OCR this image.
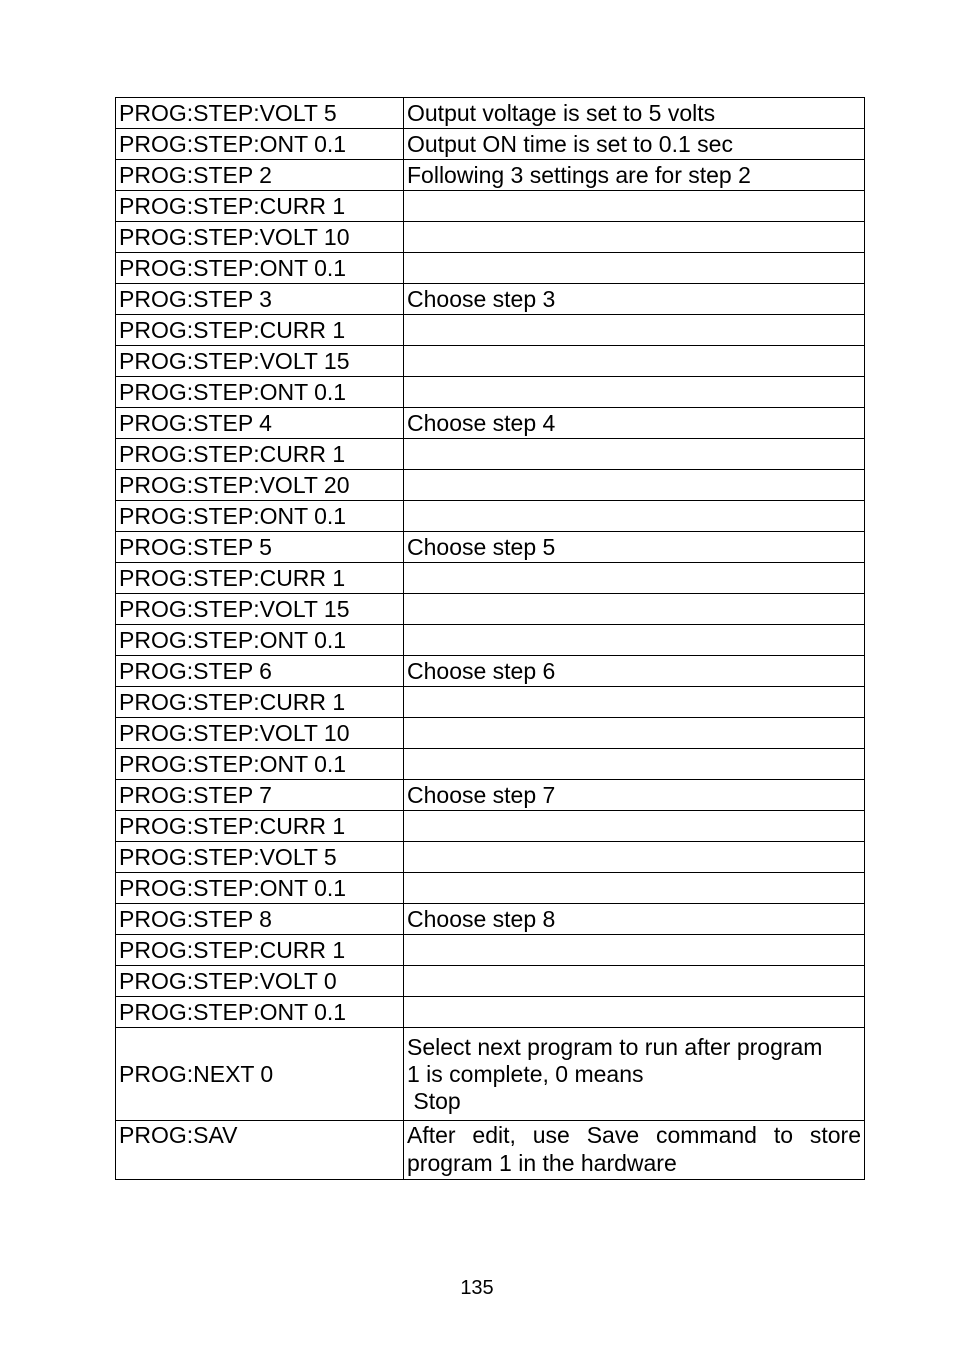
PROG:STEP:VOLT 5	Output voltage is set to 5 volts
PROG:STEP:ONT 0.1	Output ON time is set to 0.1 sec
PROG:STEP 2	Following 3 settings are for step 2
PROG:STEP:CURR 1	
PROG:STEP:VOLT 10	
PROG:STEP:ONT 0.1	
PROG:STEP 3	Choose step 3
PROG:STEP:CURR 1	
PROG:STEP:VOLT 15	
PROG:STEP:ONT 0.1	
PROG:STEP 4	Choose step 4
PROG:STEP:CURR 1	
PROG:STEP:VOLT 20	
PROG:STEP:ONT 0.1	
PROG:STEP 5	Choose step 5
PROG:STEP:CURR 1	
PROG:STEP:VOLT 15	
PROG:STEP:ONT 0.1	
PROG:STEP 6	Choose step 6
PROG:STEP:CURR 1	
PROG:STEP:VOLT 10	
PROG:STEP:ONT 0.1	
PROG:STEP 7	Choose step 7
PROG:STEP:CURR 1	
PROG:STEP:VOLT 5	
PROG:STEP:ONT 0.1	
PROG:STEP 8	Choose step 8
PROG:STEP:CURR 1	
PROG:STEP:VOLT 0	
PROG:STEP:ONT 0.1	
PROG:NEXT 0	Select next program to run after program
1 is complete, 0 means
Stop
PROG:SAV	After edit, use Save command to store program 1 in the hardware
135
